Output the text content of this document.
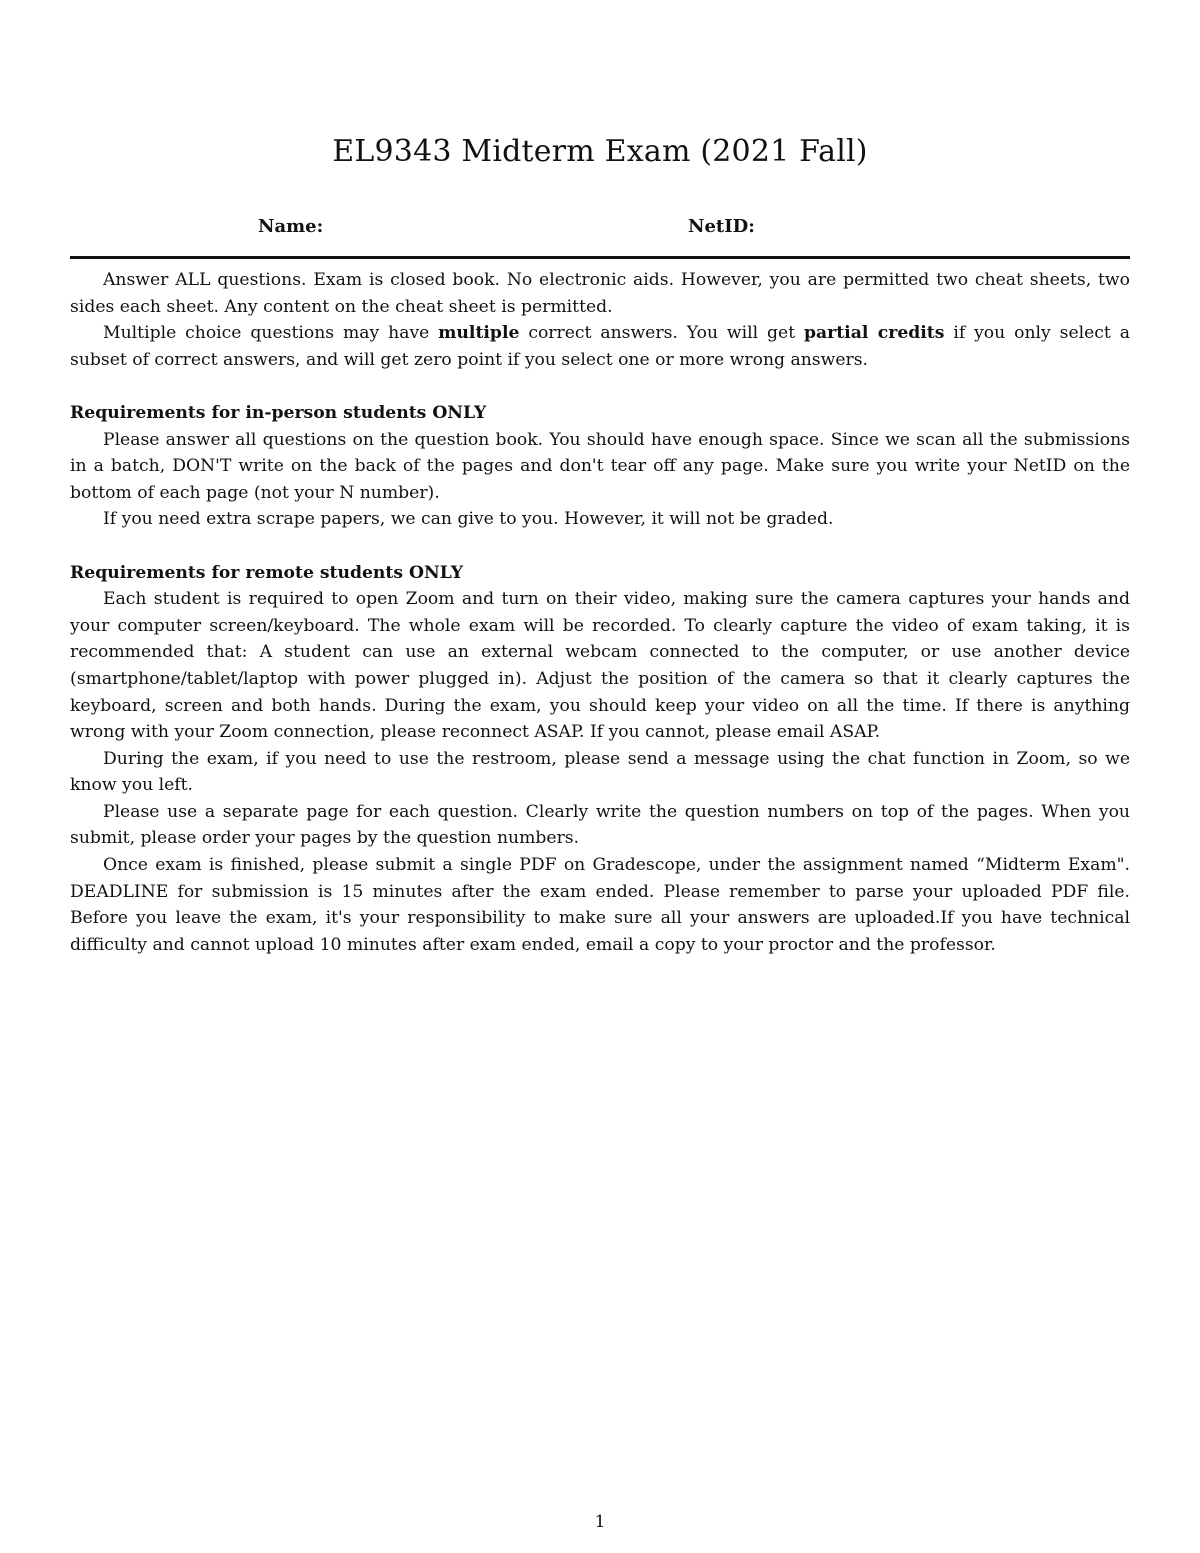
EL9343 Midterm Exam (2021 Fall)
Name:	NetID:

Answer ALL questions. Exam is closed book. No electronic aids. However, you are permitted two cheat sheets, two sides each sheet. Any content on the cheat sheet is permitted.

Multiple choice questions may have multiple correct answers. You will get partial credits if you only select a subset of correct answers, and will get zero point if you select one or more wrong answers.

Requirements for in-person students ONLY

Please answer all questions on the question book. You should have enough space. Since we scan all the submissions in a batch, DON'T write on the back of the pages and don't tear off any page. Make sure you write your NetID on the bottom of each page (not your N number).

If you need extra scrape papers, we can give to you. However, it will not be graded.

Requirements for remote students ONLY

Each student is required to open Zoom and turn on their video, making sure the camera captures your hands and your computer screen/keyboard. The whole exam will be recorded. To clearly capture the video of exam taking, it is recommended that: A student can use an external webcam connected to the computer, or use another device (smartphone/tablet/laptop with power plugged in). Adjust the position of the camera so that it clearly captures the keyboard, screen and both hands. During the exam, you should keep your video on all the time. If there is anything wrong with your Zoom connection, please reconnect ASAP. If you cannot, please email ASAP.

During the exam, if you need to use the restroom, please send a message using the chat function in Zoom, so we know you left.

Please use a separate page for each question. Clearly write the question numbers on top of the pages. When you submit, please order your pages by the question numbers.

Once exam is finished, please submit a single PDF on Gradescope, under the assignment named “Midterm Exam". DEADLINE for submission is 15 minutes after the exam ended. Please remember to parse your uploaded PDF file. Before you leave the exam, it's your responsibility to make sure all your answers are uploaded.If you have technical difficulty and cannot upload 10 minutes after exam ended, email a copy to your proctor and the professor.

1
